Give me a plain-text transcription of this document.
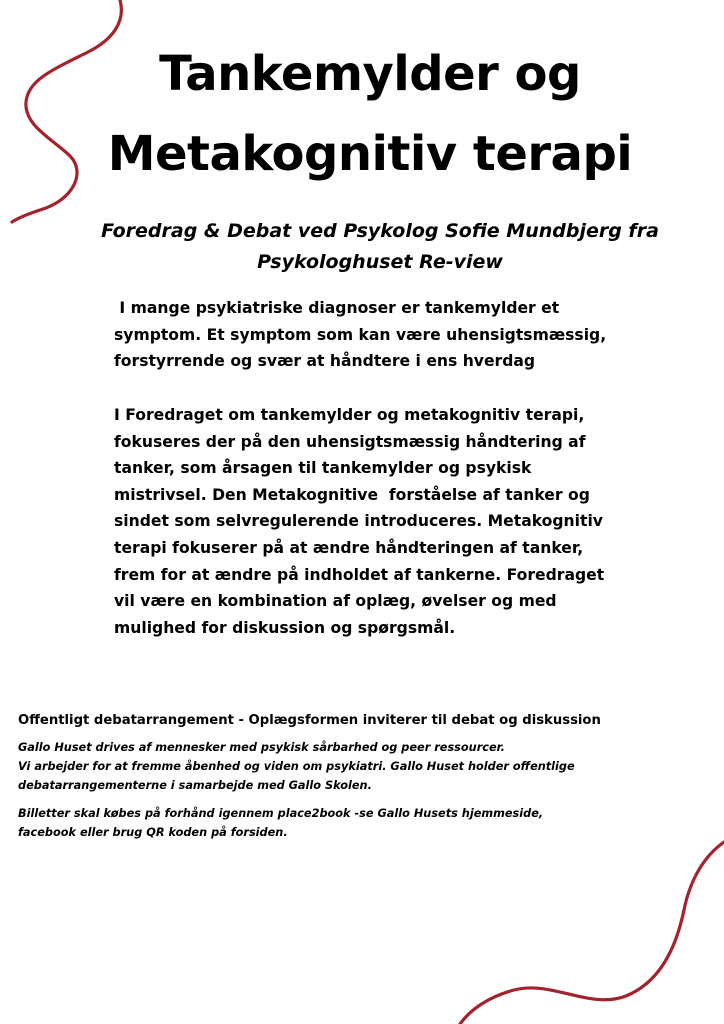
Tankemylder og
Metakognitiv terapi

Foredrag & Debat ved Psykolog Sofie Mundbjerg fra
Psykologhuset Re-view

I mange psykiatriske diagnoser er tankemylder et
symptom. Et symptom som kan være uhensigtsmæssig,
forstyrrende og svær at håndtere i ens hverdag

I Foredraget om tankemylder og metakognitiv terapi,
fokuseres der på den uhensigtsmæssig håndtering af
tanker, som årsagen til tankemylder og psykisk
mistrivsel. Den Metakognitive  forståelse af tanker og
sindet som selvregulerende introduceres. Metakognitiv
terapi fokuserer på at ændre håndteringen af tanker,
frem for at ændre på indholdet af tankerne. Foredraget
vil være en kombination af oplæg, øvelser og med
mulighed for diskussion og spørgsmål.

Offentligt debatarrangement - Oplægsformen inviterer til debat og diskussion

Gallo Huset drives af mennesker med psykisk sårbarhed og peer ressourcer.
Vi arbejder for at fremme åbenhed og viden om psykiatri. Gallo Huset holder offentlige
debatarrangementerne i samarbejde med Gallo Skolen.

Billetter skal købes på forhånd igennem place2book -se Gallo Husets hjemmeside,
facebook eller brug QR koden på forsiden.
